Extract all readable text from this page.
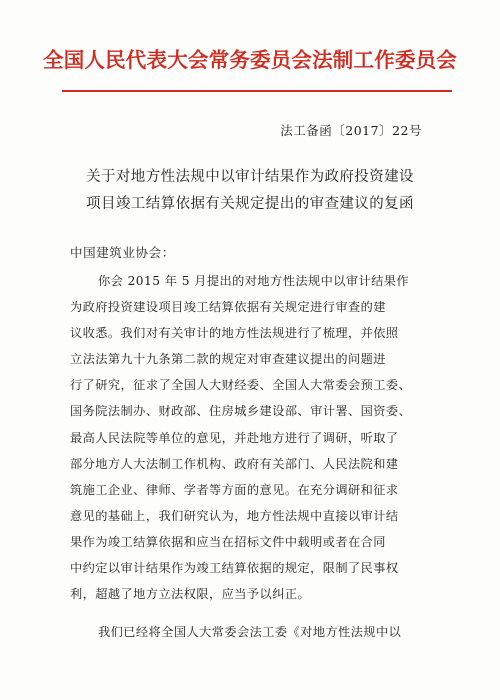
全国人民代表大会常务委员会法制工作委员会
法工备函〔2017〕22号
关于对地方性法规中以审计结果作为政府投资建设
项目竣工结算依据有关规定提出的审查建议的复函
中国建筑业协会：
你会 2015 年 5 月提出的对地方性法规中以审计结果作
为政府投资建设项目竣工结算依据有关规定进行审查的建
议收悉。我们对有关审计的地方性法规进行了梳理，并依照
立法法第九十九条第二款的规定对审查建议提出的问题进
行了研究，征求了全国人大财经委、全国人大常委会预工委、
国务院法制办、财政部、住房城乡建设部、审计署、国资委、
最高人民法院等单位的意见，并赴地方进行了调研，听取了
部分地方人大法制工作机构、政府有关部门、人民法院和建
筑施工企业、律师、学者等方面的意见。在充分调研和征求
意见的基础上，我们研究认为，地方性法规中直接以审计结
果作为竣工结算依据和应当在招标文件中载明或者在合同
中约定以审计结果作为竣工结算依据的规定，限制了民事权
利，超越了地方立法权限，应当予以纠正。
我们已经将全国人大常委会法工委《对地方性法规中以
